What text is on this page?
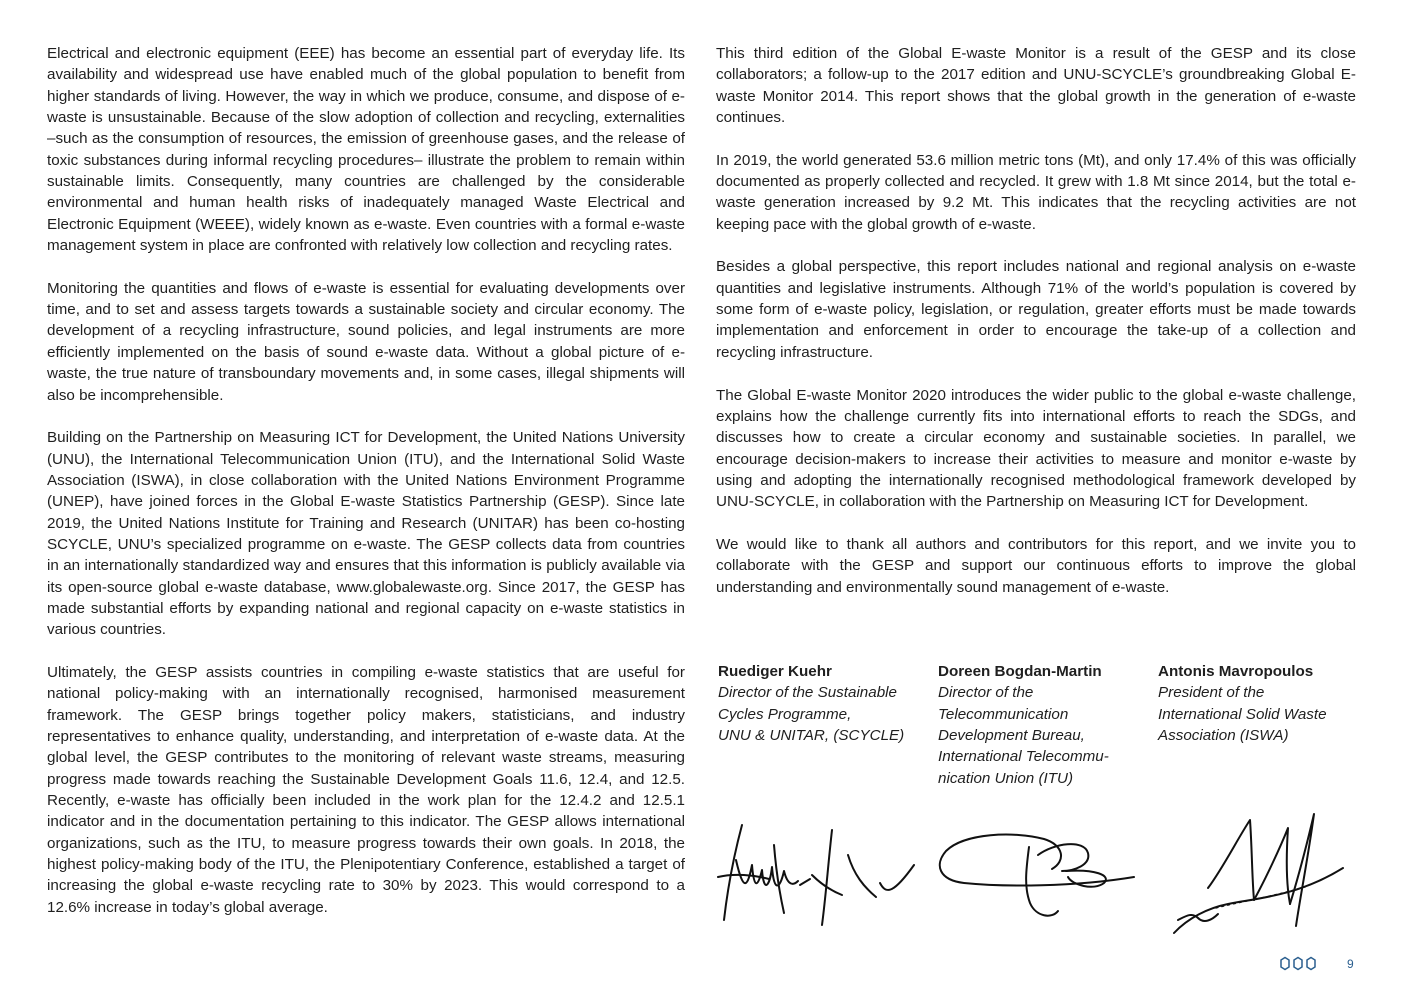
Electrical and electronic equipment (EEE) has become an essential part of everyday life. Its availability and widespread use have enabled much of the global population to benefit from higher standards of living. However, the way in which we produce, consume, and dispose of e-waste is unsustainable. Because of the slow adoption of collection and recycling, externalities –such as the consumption of resources, the emission of greenhouse gases, and the release of toxic substances during informal recycling procedures– illustrate the problem to remain within sustainable limits. Consequently, many countries are challenged by the considerable environmental and human health risks of inadequately managed Waste Electrical and Electronic Equipment (WEEE), widely known as e-waste. Even countries with a formal e-waste management system in place are confronted with relatively low collection and recycling rates.

Monitoring the quantities and flows of e-waste is essential for evaluating developments over time, and to set and assess targets towards a sustainable society and circular economy. The development of a recycling infrastructure, sound policies, and legal instruments are more efficiently implemented on the basis of sound e-waste data. Without a global picture of e-waste, the true nature of transboundary movements and, in some cases, illegal shipments will also be incomprehensible.

Building on the Partnership on Measuring ICT for Development, the United Nations University (UNU), the International Telecommunication Union (ITU), and the International Solid Waste Association (ISWA), in close collaboration with the United Nations Environment Programme (UNEP), have joined forces in the Global E-waste Statistics Partnership (GESP). Since late 2019, the United Nations Institute for Training and Research (UNITAR) has been co-hosting SCYCLE, UNU’s specialized programme on e-waste. The GESP collects data from countries in an internationally standardized way and ensures that this information is publicly available via its open-source global e-waste database, www.globalewaste.org. Since 2017, the GESP has made substantial efforts by expanding national and regional capacity on e-waste statistics in various countries.

Ultimately, the GESP assists countries in compiling e-waste statistics that are useful for national policy-making with an internationally recognised, harmonised measurement framework. The GESP brings together policy makers, statisticians, and industry representatives to enhance quality, understanding, and interpretation of e-waste data. At the global level, the GESP contributes to the monitoring of relevant waste streams, measuring progress made towards reaching the Sustainable Development Goals 11.6, 12.4, and 12.5. Recently, e-waste has officially been included in the work plan for the 12.4.2 and 12.5.1 indicator and in the documentation pertaining to this indicator. The GESP allows international organizations, such as the ITU, to measure progress towards their own goals. In 2018, the highest policy-making body of the ITU, the Plenipotentiary Conference, established a target of increasing the global e-waste recycling rate to 30% by 2023. This would correspond to a 12.6% increase in today’s global average.

This third edition of the Global E-waste Monitor is a result of the GESP and its close collaborators; a follow-up to the 2017 edition and UNU-SCYCLE’s groundbreaking Global E-waste Monitor 2014. This report shows that the global growth in the generation of e-waste continues.

In 2019, the world generated 53.6 million metric tons (Mt), and only 17.4% of this was officially documented as properly collected and recycled. It grew with 1.8 Mt since 2014, but the total e-waste generation increased by 9.2 Mt. This indicates that the recycling activities are not keeping pace with the global growth of e-waste.

Besides a global perspective, this report includes national and regional analysis on e-waste quantities and legislative instruments. Although 71% of the world’s population is covered by some form of e-waste policy, legislation, or regulation, greater efforts must be made towards implementation and enforcement in order to encourage the take-up of a collection and recycling infrastructure.

The Global E-waste Monitor 2020 introduces the wider public to the global e-waste challenge, explains how the challenge currently fits into international efforts to reach the SDGs, and discusses how to create a circular economy and sustainable societies. In parallel, we encourage decision-makers to increase their activities to measure and monitor e-waste by using and adopting the internationally recognised methodological framework developed by UNU-SCYCLE, in collaboration with the Partnership on Measuring ICT for Development.

We would like to thank all authors and contributors for this report, and we invite you to collaborate with the GESP and support our continuous efforts to improve the global understanding and environmentally sound management of e-waste.

Ruediger Kuehr
Director of the Sustainable
Cycles Programme,
UNU & UNITAR, (SCYCLE)
Doreen Bogdan-Martin
Director of the
Telecommunication
Development Bureau,
International Telecommu-
nication Union (ITU)
Antonis Mavropoulos
President of the
International Solid Waste
Association (ISWA)
9
